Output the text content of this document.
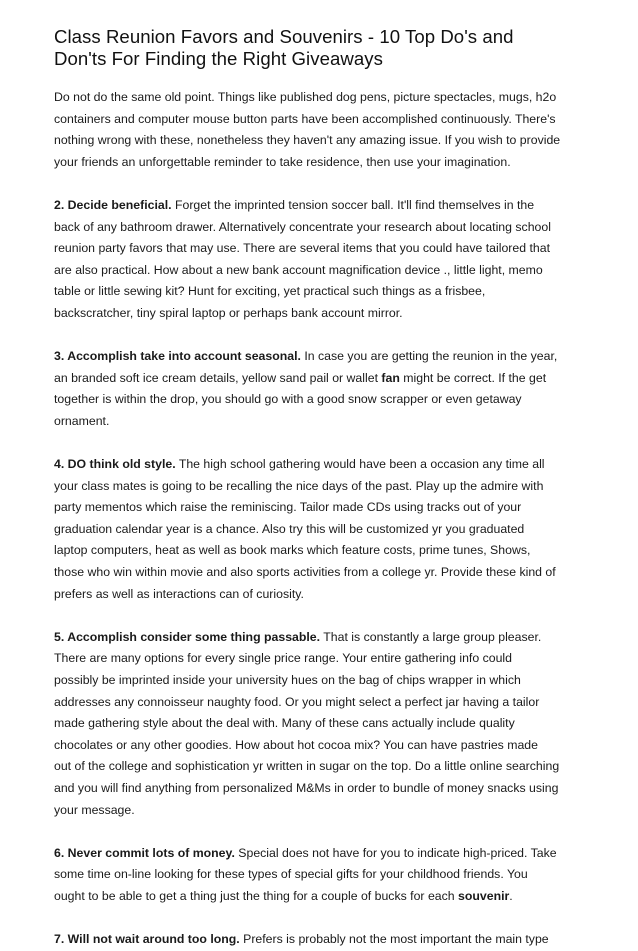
Class Reunion Favors and Souvenirs - 10 Top Do's and
Don'ts For Finding the Right Giveaways

Do not do the same old point. Things like published dog pens, picture spectacles, mugs, h2o
containers and computer mouse button parts have been accomplished continuously. There's
nothing wrong with these, nonetheless they haven't any amazing issue. If you wish to provide
your friends an unforgettable reminder to take residence, then use your imagination.

2. Decide beneficial. Forget the imprinted tension soccer ball. It'll find themselves in the
back of any bathroom drawer. Alternatively concentrate your research about locating school
reunion party favors that may use. There are several items that you could have tailored that
are also practical. How about a new bank account magnification device ., little light, memo
table or little sewing kit? Hunt for exciting, yet practical such things as a frisbee,
backscratcher, tiny spiral laptop or perhaps bank account mirror.

3. Accomplish take into account seasonal. In case you are getting the reunion in the year,
an branded soft ice cream details, yellow sand pail or wallet fan might be correct. If the get
together is within the drop, you should go with a good snow scrapper or even getaway
ornament.

4. DO think old style. The high school gathering would have been a occasion any time all
your class mates is going to be recalling the nice days of the past. Play up the admire with
party mementos which raise the reminiscing. Tailor made CDs using tracks out of your
graduation calendar year is a chance. Also try this will be customized yr you graduated
laptop computers, heat as well as book marks which feature costs, prime tunes, Shows,
those who win within movie and also sports activities from a college yr. Provide these kind of
prefers as well as interactions can of curiosity.

5. Accomplish consider some thing passable. That is constantly a large group pleaser.
There are many options for every single price range. Your entire gathering info could
possibly be imprinted inside your university hues on the bag of chips wrapper in which
addresses any connoisseur naughty food. Or you might select a perfect jar having a tailor
made gathering style about the deal with. Many of these cans actually include quality
chocolates or any other goodies. How about hot cocoa mix? You can have pastries made
out of the college and sophistication yr written in sugar on the top. Do a little online searching
and you will find anything from personalized M&Ms in order to bundle of money snacks using
your message.

6. Never commit lots of money. Special does not have for you to indicate high-priced. Take
some time on-line looking for these types of special gifts for your childhood friends. You
ought to be able to get a thing just the thing for a couple of bucks for each souvenir.

7. Will not wait around too long. Prefers is probably not the most important the main type
